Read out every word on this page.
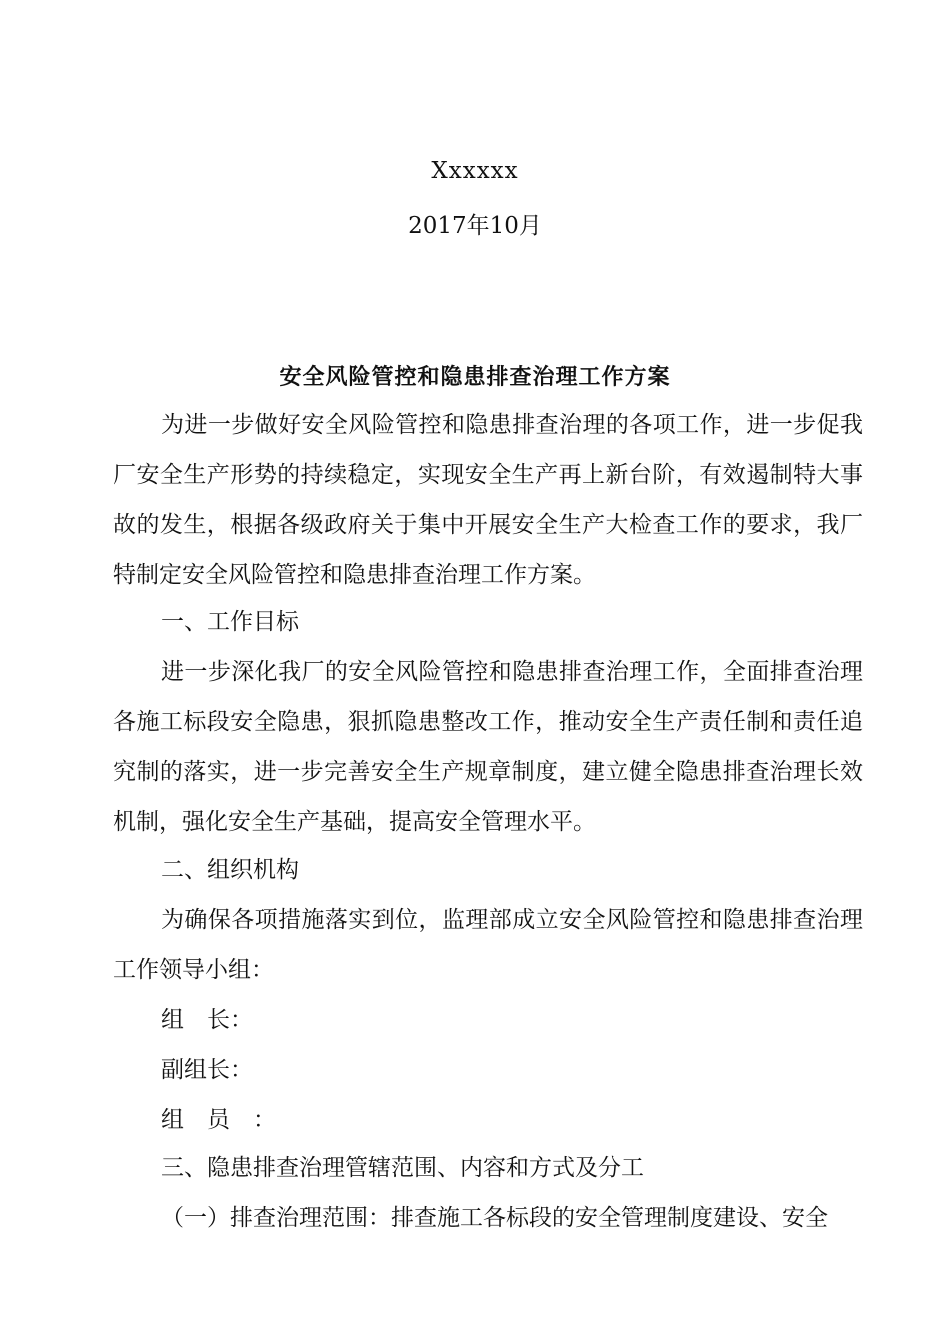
Xxxxxx
2017年10月
安全风险管控和隐患排查治理工作方案

为进一步做好安全风险管控和隐患排查治理的各项工作，进一步促我厂安全生产形势的持续稳定，实现安全生产再上新台阶，有效遏制特大事故的发生，根据各级政府关于集中开展安全生产大检查工作的要求，我厂特制定安全风险管控和隐患排查治理工作方案。

一、工作目标

进一步深化我厂的安全风险管控和隐患排查治理工作，全面排查治理各施工标段安全隐患，狠抓隐患整改工作，推动安全生产责任制和责任追究制的落实，进一步完善安全生产规章制度，建立健全隐患排查治理长效机制，强化安全生产基础，提高安全管理水平。

二、组织机构

为确保各项措施落实到位，监理部成立安全风险管控和隐患排查治理工作领导小组：

组　长：
副组长：
组　员　：
三、隐患排查治理管辖范围、内容和方式及分工
（一）排查治理范围：排查施工各标段的安全管理制度建设、安全
